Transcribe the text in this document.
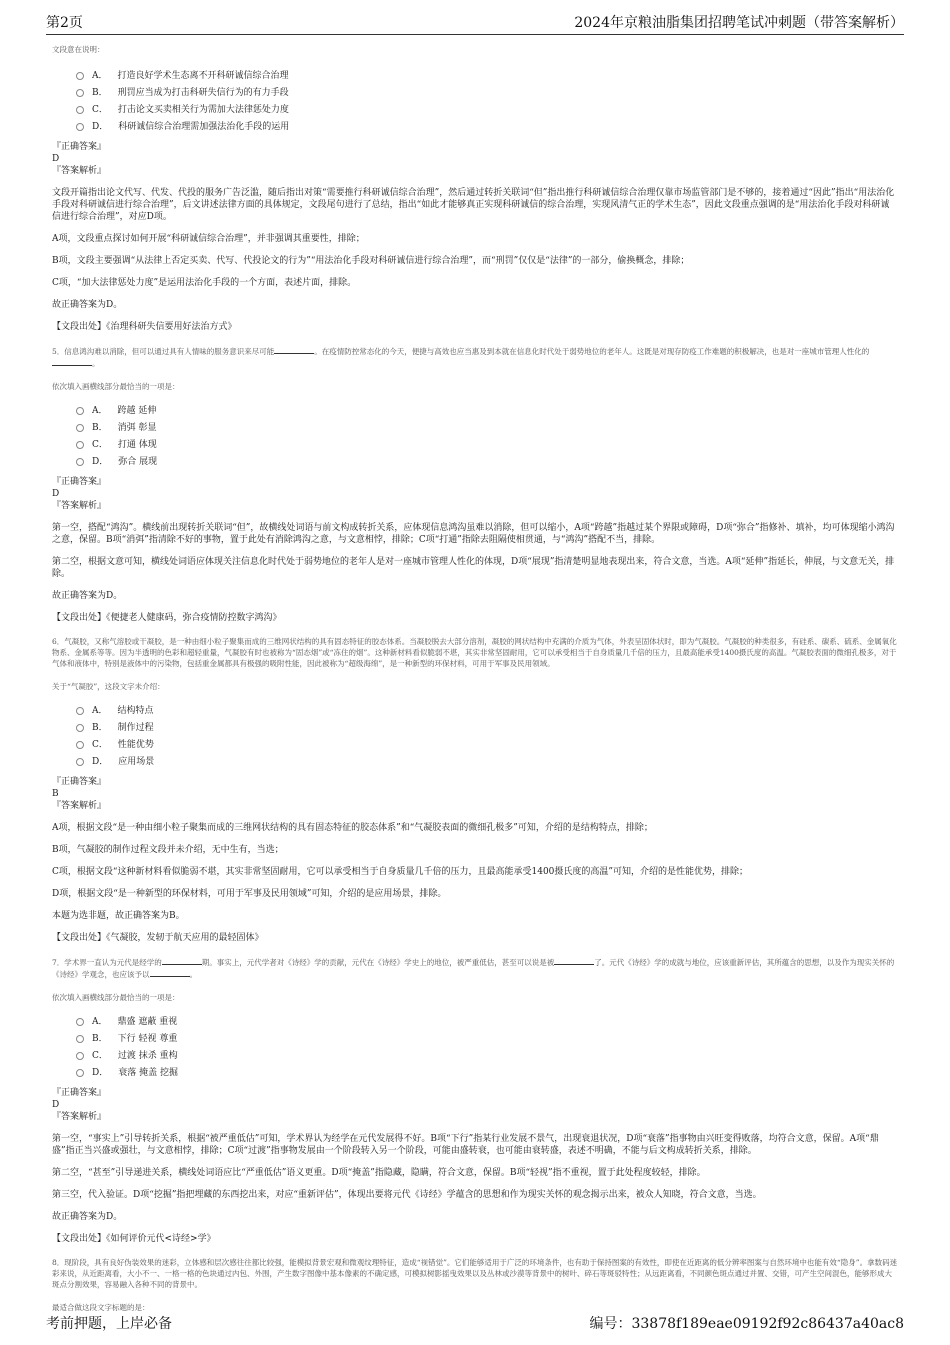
第2页	2024年京粮油脂集团招聘笔试冲刺题（带答案解析）

文段意在说明：

A． 打造良好学术生态离不开科研诚信综合治理
B． 刑罚应当成为打击科研失信行为的有力手段
C． 打击论文买卖相关行为需加大法律惩处力度
D． 科研诚信综合治理需加强法治化手段的运用

『正确答案』

D

『答案解析』

文段开篇指出论文代写、代发、代投的服务广告泛滥，随后指出对策“需要推行科研诚信综合治理”，然后通过转折关联词“但”指出推行科研诚信综合治理仅靠市场监管部门是不够的，接着通过“因此”指出“用法治化手段对科研诚信进行综合治理”，后文讲述法律方面的具体规定，文段尾句进行了总结，指出“如此才能够真正实现科研诚信的综合治理，实现风清气正的学术生态”，因此文段重点强调的是“用法治化手段对科研诚信进行综合治理”，对应D项。

A项，文段重点探讨如何开展“科研诚信综合治理”，并非强调其重要性，排除；

B项，文段主要强调“从法律上否定买卖、代写、代投论文的行为”“用法治化手段对科研诚信进行综合治理”，而“刑罚”仅仅是“法律”的一部分，偷换概念，排除；

C项，“加大法律惩处力度”是运用法治化手段的一个方面，表述片面，排除。

故正确答案为D。

【文段出处】《治理科研失信要用好法治方式》

5．信息鸿沟难以消除，但可以通过具有人情味的服务意识来尽可能	。在疫情防控常态化的今天，便捷与高效也应当惠及到本就在信息化时代处于弱势地位的老年人。这既是对现存防疫工作难题的积极解决，也是对一座城市管理人性化的。

依次填入画横线部分最恰当的一项是：

A． 跨越 延伸
B． 消弭 彰显
C． 打通 体现
D． 弥合 展现

『正确答案』

D

『答案解析』

第一空，搭配“鸿沟”。横线前出现转折关联词“但”，故横线处词语与前文构成转折关系，应体现信息鸿沟虽难以消除，但可以缩小，A项“跨越”指越过某个界限或障碍，D项“弥合”指修补、填补，均可体现缩小鸿沟之意，保留。B项“消弭”指清除不好的事物，置于此处有消除鸿沟之意，与文意相悖，排除；C项“打通”指除去阻隔使相贯通，与“鸿沟”搭配不当，排除。

第二空，根据文意可知，横线处词语应体现关注信息化时代处于弱势地位的老年人是对一座城市管理人性化的体现，D项“展现”指清楚明显地表现出来，符合文意，当选。A项“延伸”指延长，伸展，与文意无关，排除。

故正确答案为D。

【文段出处】《便捷老人健康码，弥合疫情防控数字鸿沟》

6．气凝胶，又称气溶胶或干凝胶，是一种由细小粒子聚集而成的三维网状结构的具有固态特征的胶态体系。当凝胶脱去大部分溶剂，凝胶的网状结构中充满的介质为气体，外表呈固体状时，即为气凝胶。气凝胶的种类很多，有硅系、碳系、硫系、金属氧化物系、金属系等等。因为半透明的色彩和超轻重量，气凝胶有时也被称为“固态烟”或“冻住的烟”。这种新材料看似脆弱不堪，其实非常坚固耐用，它可以承受相当于自身质量几千倍的压力，且最高能承受1400摄氏度的高温。气凝胶表面的微细孔极多，对于气体和液体中，特别是液体中的污染物，包括重金属都具有极强的吸附性能，因此被称为“超级海绵”，是一种新型的环保材料，可用于军事及民用领域。

关于“气凝胶”，这段文字未介绍：

A． 结构特点
B． 制作过程
C． 性能优势
D． 应用场景

『正确答案』

B

『答案解析』

A项，根据文段“是一种由细小粒子聚集而成的三维网状结构的具有固态特征的胶态体系”和“气凝胶表面的微细孔极多”可知，介绍的是结构特点，排除；

B项，气凝胶的制作过程文段并未介绍，无中生有，当选；

C项，根据文段“这种新材料看似脆弱不堪，其实非常坚固耐用，它可以承受相当于自身质量几千倍的压力，且最高能承受1400摄氏度的高温”可知，介绍的是性能优势，排除；

D项，根据文段“是一种新型的环保材料，可用于军事及民用领域”可知，介绍的是应用场景，排除。

本题为选非题，故正确答案为B。

【文段出处】《气凝胶，发轫于航天应用的最轻固体》

7．学术界一直认为元代是经学的	期。事实上，元代学者对《诗经》学的贡献，元代在《诗经》学史上的地位，被严重低估，甚至可以说是被	了。元代《诗经》学的成就与地位，应该重新评估，其所蕴含的思想，以及作为现实关怀的《诗经》学观念，也应该予以	。

依次填入画横线部分最恰当的一项是：

A． 鼎盛 遮蔽 重视
B． 下行 轻视 尊重
C． 过渡 抹杀 重构
D． 衰落 掩盖 挖掘

『正确答案』

D

『答案解析』

第一空，“事实上”引导转折关系，根据“被严重低估”可知，学术界认为经学在元代发展得不好。B项“下行”指某行业发展不景气，出现衰退状况，D项“衰落”指事物由兴旺变得败落，均符合文意，保留。A项“鼎盛”指正当兴盛或强壮，与文意相悖，排除；C项“过渡”指事物发展由一个阶段转入另一个阶段，可能由盛转衰，也可能由衰转盛，表述不明确，不能与后文构成转折关系，排除。

第二空，“甚至”引导递进关系，横线处词语应比“严重低估”语义更重。D项“掩盖”指隐藏，隐瞒，符合文意，保留。B项“轻视”指不重视，置于此处程度较轻，排除。

第三空，代入验证。D项“挖掘”指把埋藏的东西挖出来，对应“重新评估”，体现出要将元代《诗经》学蕴含的思想和作为现实关怀的观念揭示出来，被众人知晓，符合文意，当选。

故正确答案为D。

【文段出处】《如何评价元代<诗经>学》

8．现阶段，具有良好伪装效果的迷彩，立体感和层次感往往都比较强，能模拟背景宏观和微观纹理特征，造成“视错觉”。它们能够适用于广泛的环境条件，也有助于保持图案的有效性，即使在近距离的低分辨率图案与自然环境中也能有效“隐身”。拿数码迷彩来说，从近距离看，大小不一、一格一格的色块通过内包、外围，产生数字图像中基本像素的不确定感，可模拟树影摇曳效果以及丛林或沙漠等背景中的树叶、碎石等斑驳特性；从远距离看，不同颜色斑点通过并置、交错，可产生空间混色，能够形成大斑点分割效果，容易融入各种不同的背景中。

最适合做这段文字标题的是：

考前押题，上岸必备	编号：33878f189eae09192f92c86437a40ac8
